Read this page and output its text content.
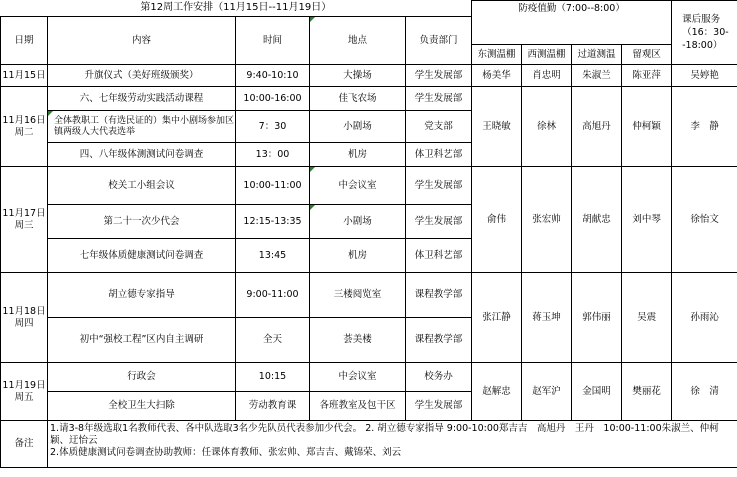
第12周工作安排（11月15日--11月19日）					防疫值勤（7:00--8:00）				课后服务（16：30--18:00）
日期	内容	时间	地点	负责部门					
					东测温棚	西测温棚	过道测温	留观区	
11月15日	升旗仪式（美好班级颁奖）	9:40-10:10	大操场	学生发展部	杨美华	肖忠明	朱淑兰	陈亚萍	吴婷艳
11月16日周二	六、七年级劳动实践活动课程	10:00-16:00	佳飞农场	学生发展部	王晓敏	徐林	高旭丹	仲柯颖	李　静
	全体教职工（有选民证的）集中小剧场参加区镇两级人大代表选举	7：30	小剧场	党支部					
	四、八年级体测测试问卷调查	13：00	机房	体卫科艺部					
11月17日周三	校关工小组会议	10:00-11:00	中会议室	学生发展部	俞伟	张宏帅	胡献忠	刘中琴	徐怡文
	第二十一次少代会	12:15-13:35	小剧场	学生发展部					
	七年级体质健康测试问卷调查	13:45	机房	体卫科艺部					
11月18日周四	胡立德专家指导	9:00-11:00	三楼阅览室	课程教学部	张江静	蒋玉坤	郭伟丽	吴震	孙雨沁
	初中“强校工程”区内自主调研	全天	荟美楼	课程教学部					
11月19日周五	行政会	10:15	中会议室	校务办	赵解忠	赵军沪	金国明	樊丽花	徐　清
	全校卫生大扫除	劳动教育课	各班教室及包干区	学生发展部					
备注	1.请3-8年级选取1名教师代表、各中队选取3名少先队员代表参加少代会。 2. 胡立德专家指导 9:00-10:00郑吉吉　高旭丹　王丹　10:00-11:00朱淑兰、仲柯颖、迂怡云
2.体质健康测试问卷调查协助教师：任课体育教师、张宏帅、郑吉吉、戴锦荣、刘云								
